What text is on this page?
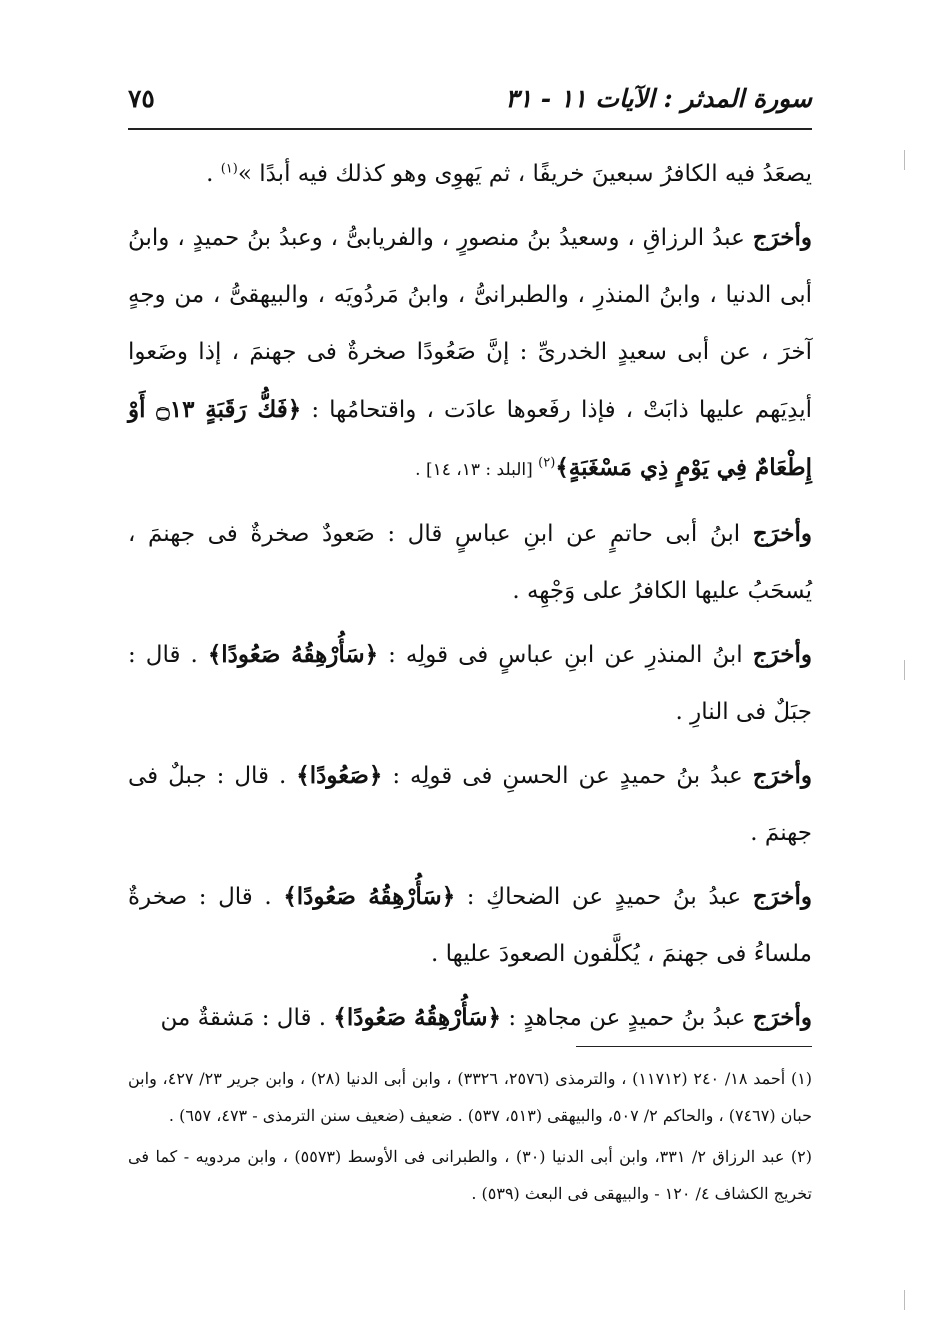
سورة المدثر : الآيات ١١ - ٣١
٧٥

يصعَدُ فيه الكافرُ سبعينَ خريفًا ، ثم يَهوِى وهو كذلك فيه أبدًا »$^{(١)}$ .

وأخرَج عبدُ الرزاقِ ، وسعيدُ بنُ منصورٍ ، والفريابىُّ ، وعبدُ بنُ حميدٍ ، وابنُ أبى الدنيا ، وابنُ المنذرِ ، والطبرانىُّ ، وابنُ مَردُويَه ، والبيهقىُّ ، من وجهٍ آخرَ ، عن أبى سعيدٍ الخدرىِّ : إنَّ صَعُودًا صخرةٌ فى جهنمَ ، إذا وضَعوا أيدِيَهم عليها ذابَتْ ، فإذا رفَعوها عادَت ، واقتحامُها : ﴿فَكُّ رَقَبَةٍ ۝١٣ أَوْ إِطْعَامٌ فِي يَوْمٍ ذِي مَسْغَبَةٍ﴾$^{(٢)}$ [البلد : ١٣، ١٤] .

وأخرَج ابنُ أبى حاتمٍ عن ابنِ عباسٍ قال : صَعودٌ صخرةٌ فى جهنمَ ، يُسحَبُ عليها الكافرُ على وَجْهِه .

وأخرَج ابنُ المنذرِ عن ابنِ عباسٍ فى قولِه : ﴿سَأُرْهِقُهُ صَعُودًا﴾ . قال : جبَلٌ فى النارِ .

وأخرَج عبدُ بنُ حميدٍ عن الحسنِ فى قولِه : ﴿صَعُودًا﴾ . قال : جبلٌ فى جهنمَ .

وأخرَج عبدُ بنُ حميدٍ عن الضحاكِ : ﴿سَأُرْهِقُهُ صَعُودًا﴾ . قال : صخرةٌ ملساءُ فى جهنمَ ، يُكلَّفون الصعودَ عليها .

وأخرَج عبدُ بنُ حميدٍ عن مجاهدٍ : ﴿سَأُرْهِقُهُ صَعُودًا﴾ . قال : مَشقةٌ من

(١) أحمد ١٨/ ٢٤٠ (١١٧١٢) ، والترمذى (٢٥٧٦، ٣٣٢٦) ، وابن أبى الدنيا (٢٨) ، وابن جرير ٢٣/ ٤٢٧، وابن حبان (٧٤٦٧) ، والحاكم ٢/ ٥٠٧، والبيهقى (٥١٣، ٥٣٧) . ضعيف (ضعيف سنن الترمذى - ٤٧٣، ٦٥٧) .

(٢) عبد الرزاق ٢/ ٣٣١، وابن أبى الدنيا (٣٠) ، والطبرانى فى الأوسط (٥٥٧٣) ، وابن مردويه - كما فى تخريج الكشاف ٤/ ١٢٠ - والبيهقى فى البعث (٥٣٩) .
